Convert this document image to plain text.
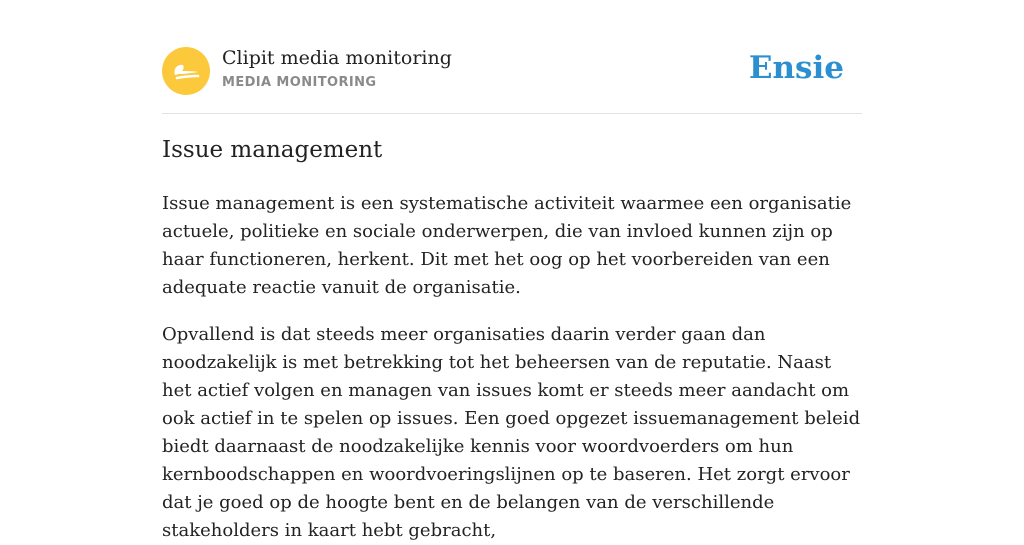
Clipit media monitoring
MEDIA MONITORING	Ensie
Issue management

Issue management is een systematische activiteit waarmee een organisatie actuele, politieke en sociale onderwerpen, die van invloed kunnen zijn op haar functioneren, herkent. Dit met het oog op het voorbereiden van een adequate reactie vanuit de organisatie.

Opvallend is dat steeds meer organisaties daarin verder gaan dan noodzakelijk is met betrekking tot het beheersen van de reputatie. Naast het actief volgen en managen van issues komt er steeds meer aandacht om ook actief in te spelen op issues. Een goed opgezet issuemanagement beleid biedt daarnaast de noodzakelijke kennis voor woordvoerders om hun kernboodschappen en woordvoeringslijnen op te baseren. Het zorgt ervoor dat je goed op de hoogte bent en de belangen van de verschillende stakeholders in kaart hebt gebracht,
